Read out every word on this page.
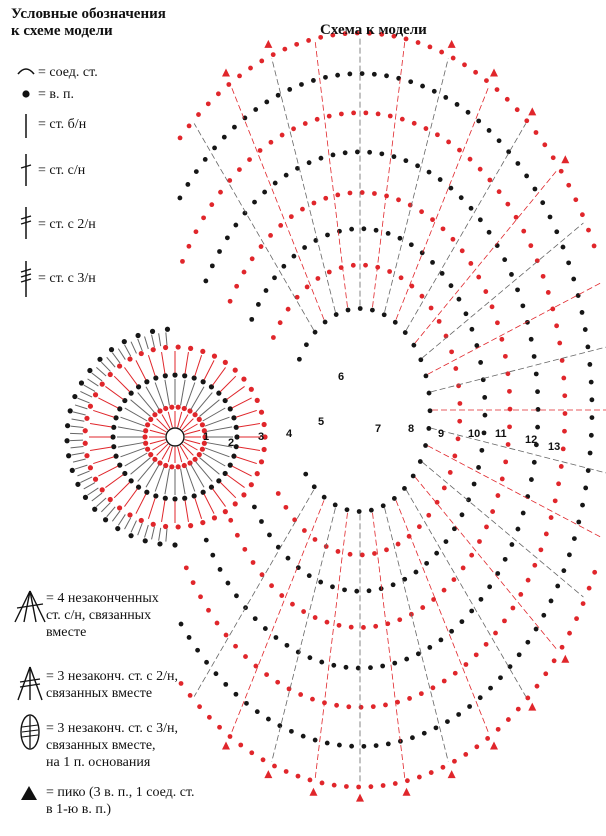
1 2 3 4
5
6
7 8 9 10 11 12
13
Условные обозначения
к схеме модели	Схема к модели
= соед. ст.
= в. п.
= ст. б/н
= ст. с/н
= ст. с 2/н
= ст. с 3/н
= 4 незаконченных
ст. с/н, связанных
вместе
= 3 незаконч. ст. с 2/н,
связанных вместе
= 3 незаконч. ст. с 3/н,
связанных вместе,
на 1 п. основания
= пико (3 в. п., 1 соед. ст.
в 1-ю в. п.)
